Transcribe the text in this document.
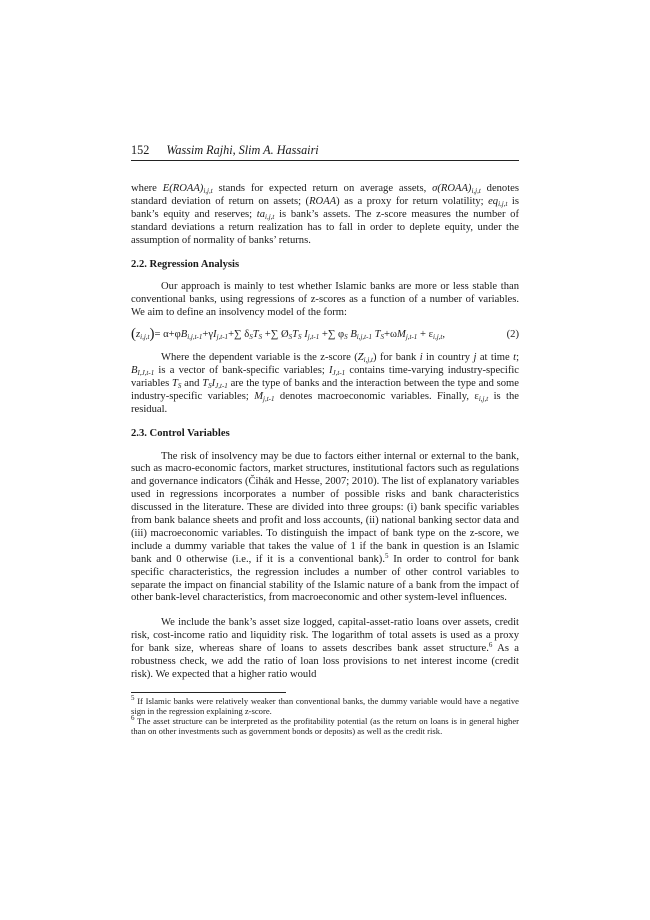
152 Wassim Rajhi, Slim A. Hassairi

where $E(ROAA)_{i,j,t}$ stands for expected return on average assets, $\sigma(ROAA)_{i,j,t}$ denotes standard deviation of return on assets; (ROAA) as a proxy for return volatility; $eq_{i,j,t}$ is bank’s equity and reserves; $ta_{i,j,t}$ is bank’s assets. The z-score measures the number of standard deviations a return realization has to fall in order to deplete equity, under the assumption of normality of banks’ returns.

2.2. Regression Analysis

Our approach is mainly to test whether Islamic banks are more or less stable than conventional banks, using regressions of z-scores as a function of a number of variables. We aim to define an insolvency model of the form:

$(z_{i,j,t})= \alpha+\varphi B_{i,j,t-1}+\gamma I_{j,t-1}+\sum$ $\delta_ST_S$ +∑ $Ø_ST_S$ $I_{j,t-1}$ +∑ $\varphi_S$ $B_{i,j,t-1}$ $T_S+\omega M_{j,t-1} + \varepsilon_{i,j,t}$,	(2)

Where the dependent variable is the z-score $(Z_{i,j,t})$ for bank i in country j at time t; $B_{I,J,t-1}$ is a vector of bank-specific variables; $I_{J,t-1}$ contains time-varying industry-specific variables $T_S$ and $T_SI_{J,t-1}$ are the type of banks and the interaction between the type and some industry-specific variables; $M_{j,t-1}$ denotes macroeconomic variables. Finally, $\varepsilon_{i,j,t}$ is the residual.

2.3. Control Variables

The risk of insolvency may be due to factors either internal or external to the bank, such as macro-economic factors, market structures, institutional factors such as regulations and governance indicators (Čihák and Hesse, 2007; 2010). The list of explanatory variables used in regressions incorporates a number of possible risks and bank characteristics discussed in the literature. These are divided into three groups: (i) bank specific variables from bank balance sheets and profit and loss accounts, (ii) national banking sector data and (iii) macroeconomic variables. To distinguish the impact of bank type on the z-score, we include a dummy variable that takes the value of 1 if the bank in question is an Islamic bank and 0 otherwise (i.e., if it is a conventional bank).$^5$ In order to control for bank specific characteristics, the regression includes a number of other control variables to separate the impact on financial stability of the Islamic nature of a bank from the impact of other bank-level characteristics, from macroeconomic and other system-level influences.

We include the bank’s asset size logged, capital-asset-ratio loans over assets, credit risk, cost-income ratio and liquidity risk. The logarithm of total assets is used as a proxy for bank size, whereas share of loans to assets describes bank asset structure.$^6$ As a robustness check, we add the ratio of loan loss provisions to net interest income (credit risk). We expected that a higher ratio would

$^5$ If Islamic banks were relatively weaker than conventional banks, the dummy variable would have a negative sign in the regression explaining z-score.

$^6$ The asset structure can be interpreted as the profitability potential (as the return on loans is in general higher than on other investments such as government bonds or deposits) as well as the credit risk.
